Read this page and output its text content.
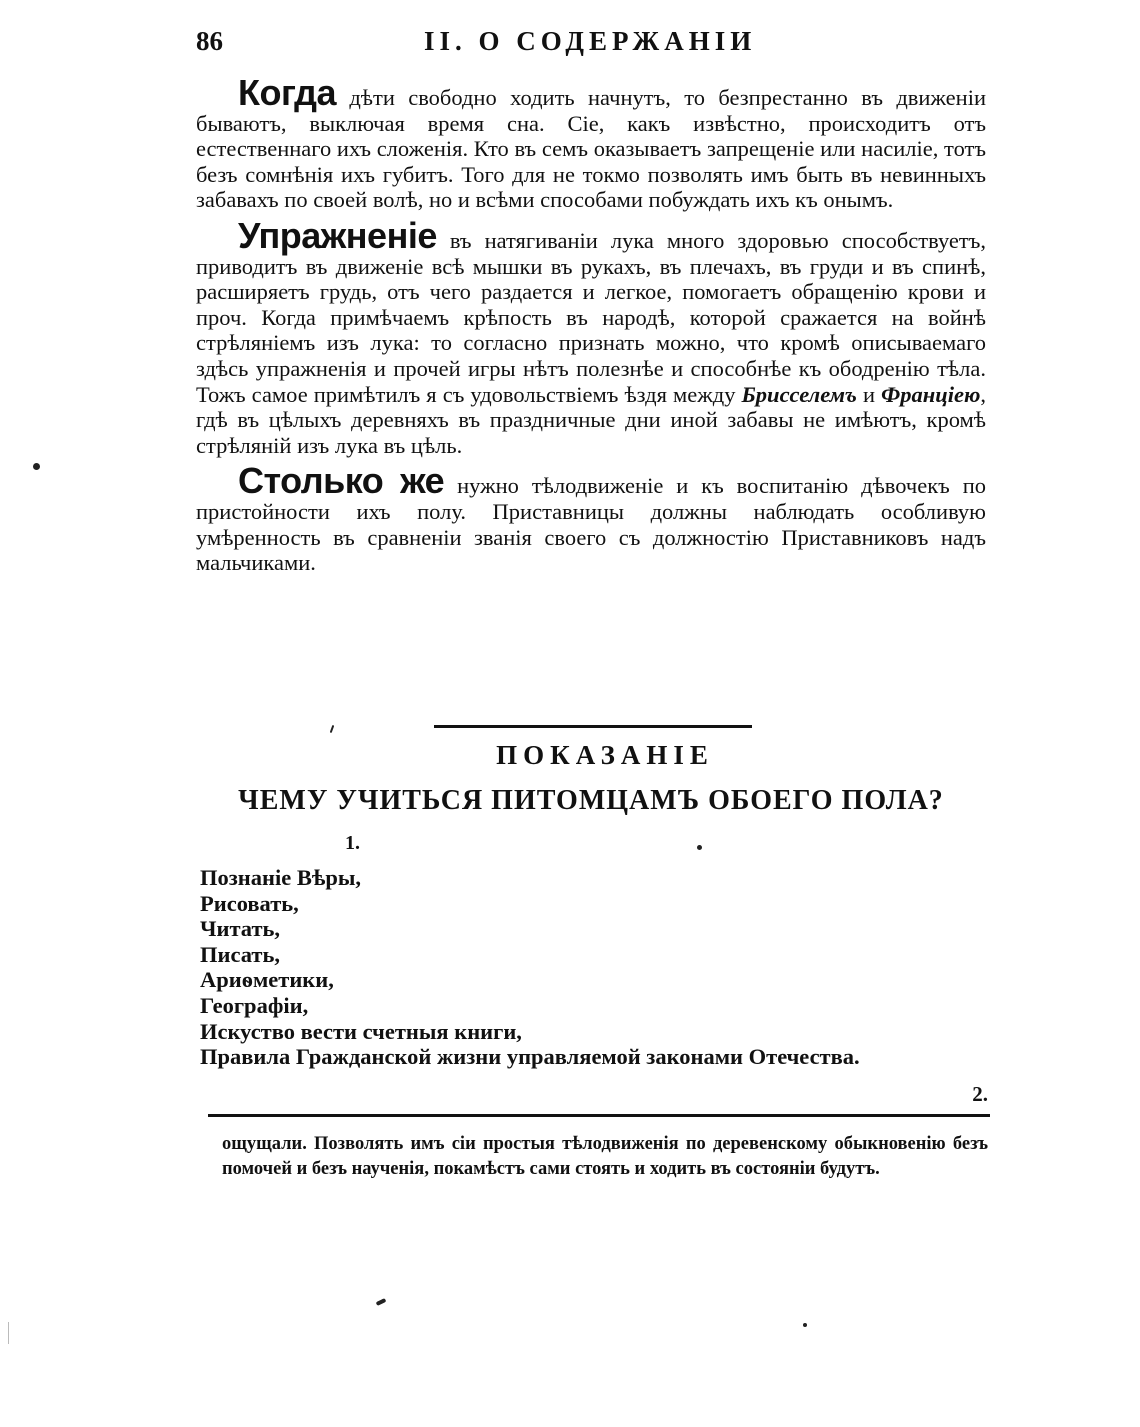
86	II. О СОДЕРЖАНIИ

Когда дѣти свободно ходить начнутъ, то безпрестанно въ движенiи бываютъ, выключая время сна. Сiе, какъ извѣстно, происходитъ отъ естественнаго ихъ сложенiя. Кто въ семъ оказываетъ запрещенiе или насилiе, тотъ безъ сомнѣнiя ихъ губитъ. Того для не токмо позволять имъ быть въ невинныхъ забавахъ по своей волѣ, но и всѣми способами побуждать ихъ къ онымъ.

Упражненiе въ натягиванiи лука много здоровью способствуетъ, приводитъ въ движенiе всѣ мышки въ рукахъ, въ плечахъ, въ груди и въ спинѣ, расширяетъ грудь, отъ чего раздается и легкое, помогаетъ обращенiю крови и проч. Когда примѣчаемъ крѣпость въ народѣ, которой сражается на войнѣ стрѣлянiемъ изъ лука: то согласно признать можно, что кромѣ описываемаго здѣсь упражненiя и прочей игры нѣтъ полезнѣе и способнѣе къ ободренiю тѣла. Тожъ самое примѣтилъ я съ удовольствiемъ ѣздя между Брисселемъ и Францiею, гдѣ въ цѣлыхъ деревняхъ въ праздничные дни иной забавы не имѣютъ, кромѣ стрѣлянiй изъ лука въ цѣль.

Столько же нужно тѣлодвиженiе и къ воспитанiю дѣвочекъ по пристойности ихъ полу. Приставницы должны наблюдать особливую умѣренность въ сравненiи званiя своего съ должностiю Приставниковъ надъ мальчиками.

ПОКАЗАНIЕ
ЧЕМУ УЧИТЬСЯ ПИТОМЦАМЪ ОБОЕГО ПОЛА?
1.
Познанiе Вѣры,
Рисовать,
Читать,
Писать,
Ариѳметики,
Географiи,
Искуство вести счетныя книги,
Правила Гражданской жизни управляемой законами Отечества.
2.
ощущали. Позволять имъ сiи простыя тѣлодвиженiя по деревенскому обыкновенiю безъ помочей и безъ наученiя, покамѣстъ сами стоять и ходить въ состоянiи будутъ.
